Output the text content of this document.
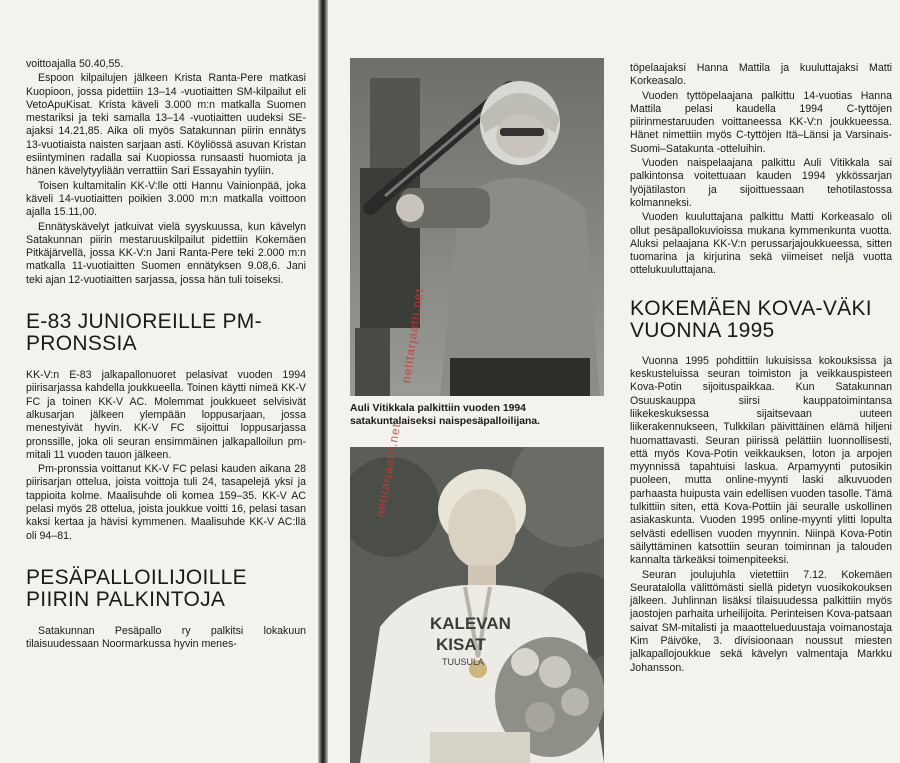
voittoajalla 50.40,55.

Espoon kilpailujen jälkeen Krista Ranta-Pere matkasi Kuopioon, jossa pidettiin 13–14 -vuotiaitten SM-kilpailut eli VetoApuKisat. Krista käveli 3.000 m:n matkalla Suomen mestariksi ja teki samalla 13–14 -vuotiaitten uudeksi SE-ajaksi 14.21,85. Aika oli myös Satakunnan piirin ennätys 13-vuotiaista naisten sarjaan asti. Köyliössä asuvan Kristan esiintyminen radalla sai Kuopiossa runsaasti huomiota ja hänen kävelytyyliään verrattiin Sari Essayahin tyyliin.

Toisen kultamitalin KK-V:lle otti Hannu Vainionpää, joka käveli 14-vuotiaitten poikien 3.000 m:n matkalla voittoon ajalla 15.11,00.

Ennätyskävelyt jatkuivat vielä syyskuussa, kun kävelyn Satakunnan piirin mestaruuskilpailut pidettiin Kokemäen Pitkäjärvellä, jossa KK-V:n Jani Ranta-Pere teki 2.000 m:n matkalla 11-vuotiaitten Suomen ennätyksen 9.08,6. Jani teki ajan 12-vuotiaitten sarjassa, jossa hän tuli toiseksi.

E-83 JUNIOREILLE PM-PRONSSIA

KK-V:n E-83 jalkapallonuoret pelasivat vuoden 1994 piirisarjassa kahdella joukkueella. Toinen käytti nimeä KK-V FC ja toinen KK-V AC. Molemmat joukkueet selvisivät alkusarjan jälkeen ylempään loppusarjaan, jossa menestyivät hyvin. KK-V FC sijoittui loppusarjassa pronssille, joka oli seuran ensimmäinen jalkapalloilun pm-mitali 11 vuoden tauon jälkeen.

Pm-pronssia voittanut KK-V FC pelasi kauden aikana 28 piirisarjan ottelua, joista voittoja tuli 24, tasapelejä yksi ja tappioita kolme. Maalisuhde oli komea 159–35. KK-V AC pelasi myös 28 ottelua, joista joukkue voitti 16, pelasi tasan kaksi kertaa ja hävisi kymmenen. Maalisuhde KK-V AC:llä oli 94–81.

PESÄPALLOILIJOILLE PIIRIN PALKINTOJA

Satakunnan Pesäpallo ry palkitsi lokakuun tilaisuudessaan Noormarkussa hyvin menes-

Auli Vitikkala palkittiin vuoden 1994 satakuntalaiseksi naispesäpalloilijana.
KALEVAN
KISAT
TUUSULA

töpelaajaksi Hanna Mattila ja kuuluttajaksi Matti Korkeasalo.

Vuoden tyttöpelaajana palkittu 14-vuotias Hanna Mattila pelasi kaudella 1994 C-tyttöjen piirinmestaruuden voittaneessa KK-V:n joukkueessa. Hänet nimettiin myös C-tyttöjen Itä–Länsi ja Varsinais-Suomi–Satakunta -otteluihin.

Vuoden naispelaajana palkittu Auli Vitikkala sai palkintonsa voitettuaan kauden 1994 ykkössarjan lyöjätilaston ja sijoittuessaan tehotilastossa kolmanneksi.

Vuoden kuuluttajana palkittu Matti Korkeasalo oli ollut pesäpallokuvioissa mukana kymmenkunta vuotta. Aluksi pelaajana KK-V:n perussarjajoukkueessa, sitten tuomarina ja kirjurina sekä viimeiset neljä vuotta ottelukuuluttajana.

KOKEMÄEN KOVA-VÄKI VUONNA 1995

Vuonna 1995 pohdittiin lukuisissa kokouksissa ja keskusteluissa seuran toimiston ja veikkauspisteen Kova-Potin sijoituspaikkaa. Kun Satakunnan Osuuskauppa siirsi kauppatoimintansa liikekeskuksessa sijaitsevaan uuteen liikerakennukseen, Tulkkilan päivittäinen elämä hiljeni huomattavasti. Seuran piirissä pelättiin luonnollisesti, että myös Kova-Potin veikkauksen, loton ja arpojen myynnissä tapahtuisi laskua. Arpamyynti putosikin puoleen, mutta online-myynti laski alkuvuoden parhaasta huipusta vain edellisen vuoden tasolle. Tämä tulkittiin siten, että Kova-Pottiin jäi seuralle uskollinen asiakaskunta. Vuoden 1995 online-myynti ylitti lopulta selvästi edellisen vuoden myynnin. Niinpä Kova-Potin säilyttäminen katsottiin seuran toiminnan ja talouden kannalta tärkeäksi toimenpiteeksi.

Seuran joulujuhla vietettiin 7.12. Kokemäen Seuratalolla välittömästi siellä pidetyn vuosikokouksen jälkeen. Juhlinnan lisäksi tilaisuudessa palkittiin myös jaostojen parhaita urheilijoita. Perinteisen Kova-patsaan saivat SM-mitalisti ja maaottelueduustaja voimanostaja Kim Päivöke, 3. divisioonaan noussut miesten jalkapallojoukkue sekä kävelyn valmentaja Markku Johansson.

netitarjaatti.net
netitarjaatti.net
